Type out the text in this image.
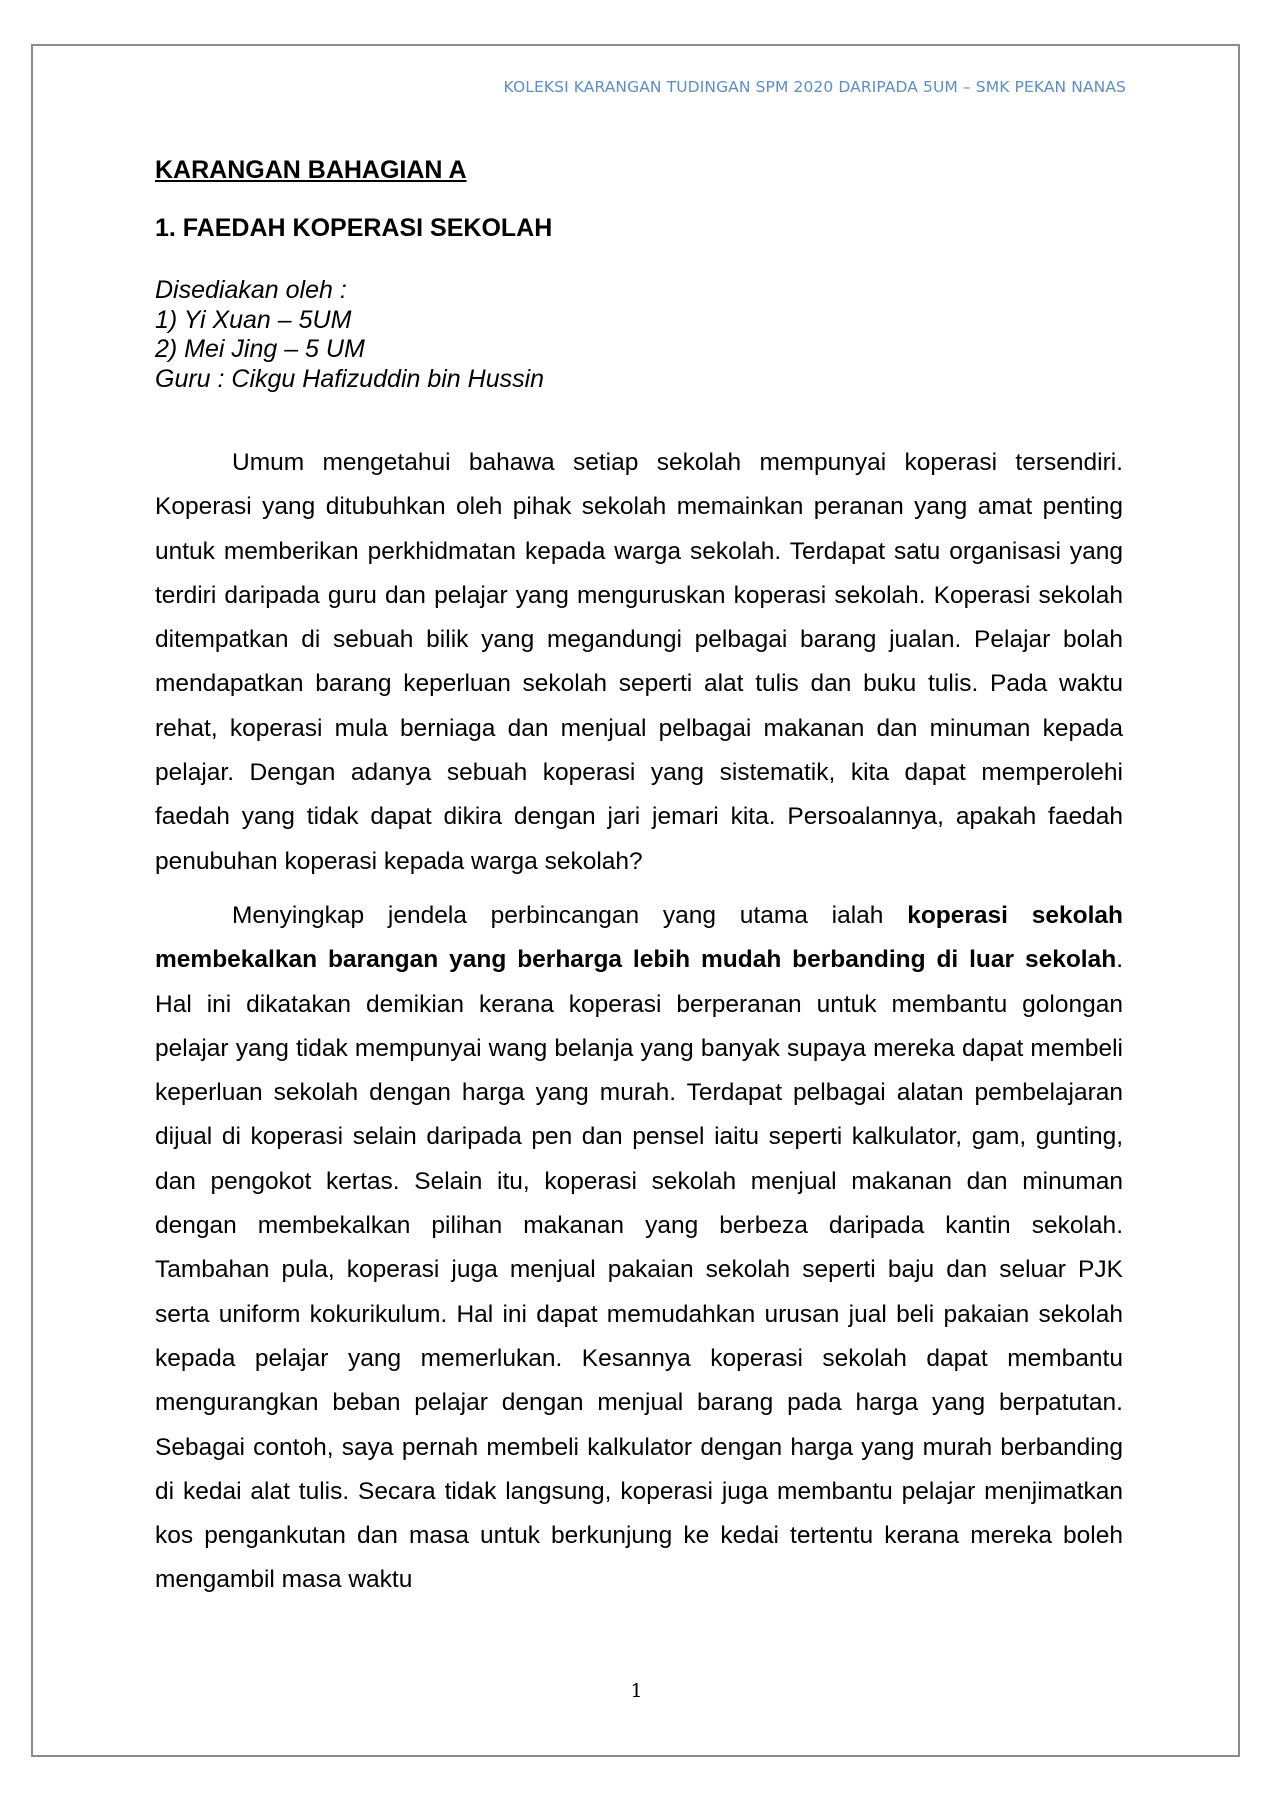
KOLEKSI KARANGAN TUDINGAN SPM 2020 DARIPADA 5UM – SMK PEKAN NANAS
KARANGAN BAHAGIAN A
1. FAEDAH KOPERASI SEKOLAH
Disediakan oleh :
1) Yi Xuan – 5UM
2) Mei Jing – 5 UM
Guru : Cikgu Hafizuddin bin Hussin

Umum mengetahui bahawa setiap sekolah mempunyai koperasi tersendiri. Koperasi yang ditubuhkan oleh pihak sekolah memainkan peranan yang amat penting untuk memberikan perkhidmatan kepada warga sekolah. Terdapat satu organisasi yang terdiri daripada guru dan pelajar yang menguruskan koperasi sekolah. Koperasi sekolah ditempatkan di sebuah bilik yang megandungi pelbagai barang jualan. Pelajar bolah mendapatkan barang keperluan sekolah seperti alat tulis dan buku tulis. Pada waktu rehat, koperasi mula berniaga dan menjual pelbagai makanan dan minuman kepada pelajar. Dengan adanya sebuah koperasi yang sistematik, kita dapat memperolehi faedah yang tidak dapat dikira dengan jari jemari kita. Persoalannya, apakah faedah penubuhan koperasi kepada warga sekolah?

Menyingkap jendela perbincangan yang utama ialah koperasi sekolah membekalkan barangan yang berharga lebih mudah berbanding di luar sekolah. Hal ini dikatakan demikian kerana koperasi berperanan untuk membantu golongan pelajar yang tidak mempunyai wang belanja yang banyak supaya mereka dapat membeli keperluan sekolah dengan harga yang murah. Terdapat pelbagai alatan pembelajaran dijual di koperasi selain daripada pen dan pensel iaitu seperti kalkulator, gam, gunting, dan pengokot kertas. Selain itu, koperasi sekolah menjual makanan dan minuman dengan membekalkan pilihan makanan yang berbeza daripada kantin sekolah. Tambahan pula, koperasi juga menjual pakaian sekolah seperti baju dan seluar PJK serta uniform kokurikulum. Hal ini dapat memudahkan urusan jual beli pakaian sekolah kepada pelajar yang memerlukan. Kesannya koperasi sekolah dapat membantu mengurangkan beban pelajar dengan menjual barang pada harga yang berpatutan. Sebagai contoh, saya pernah membeli kalkulator dengan harga yang murah berbanding di kedai alat tulis. Secara tidak langsung, koperasi juga membantu pelajar menjimatkan kos pengankutan dan masa untuk berkunjung ke kedai tertentu kerana mereka boleh mengambil masa waktu

1
